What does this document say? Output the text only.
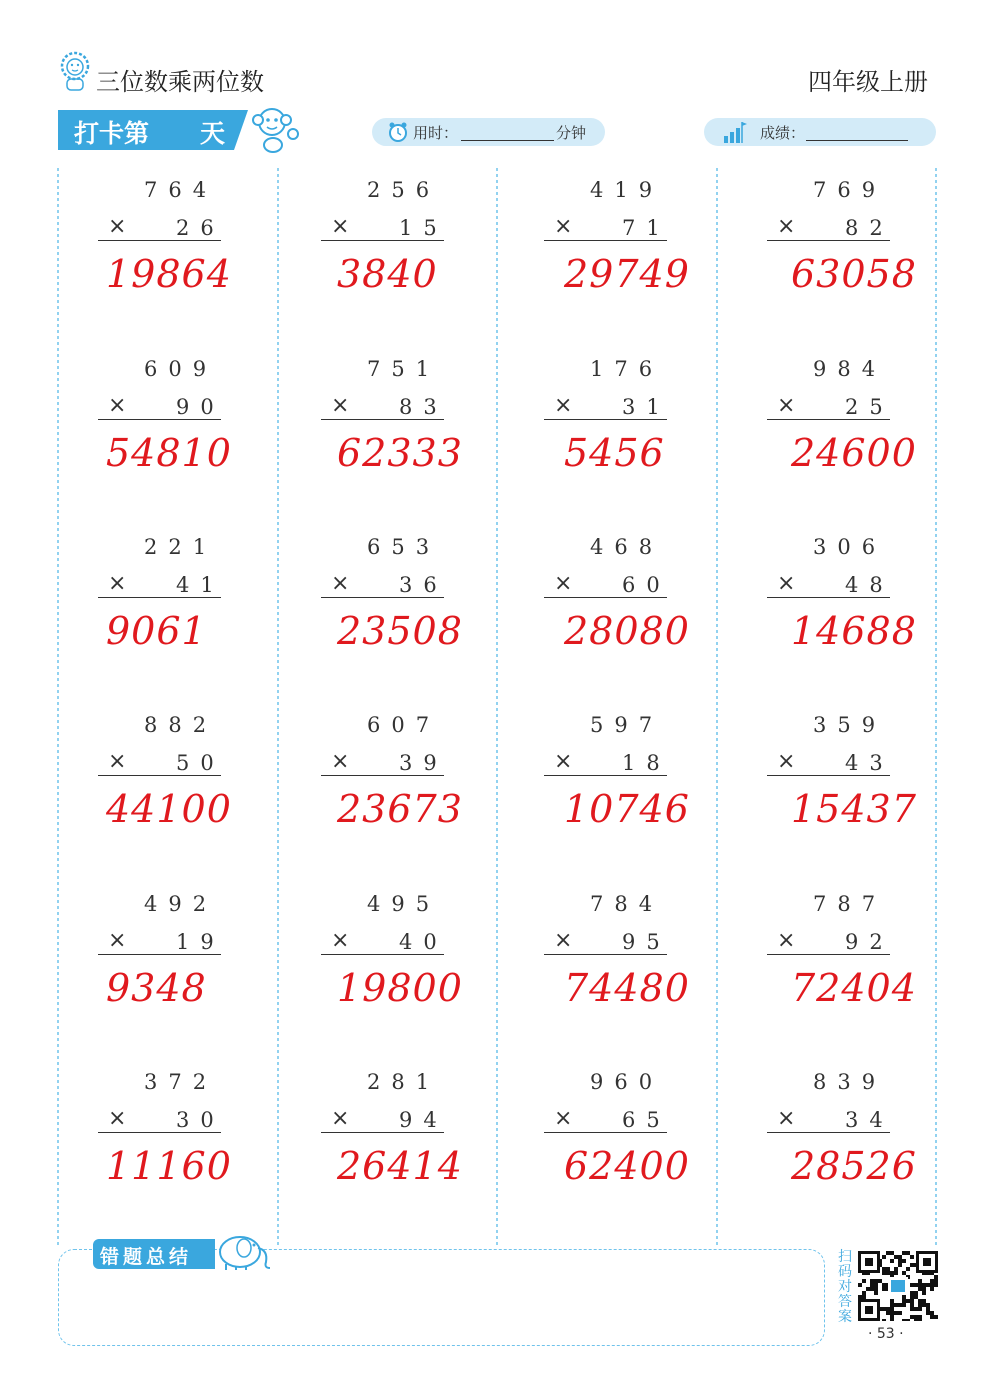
三位数乘两位数	四年级上册
打卡第 天	用时：	分钟	成绩：
764
× 26
19864
609
× 90
54810
221
× 41
9061
882
× 50
44100
492
× 19
9348
372
× 30
11160
256
× 15
3840
751
× 83
62333
653
× 36
23508
607
× 39
23673
495
× 40
19800
281
× 94
26414
419
× 71
29749
176
× 31
5456
468
× 60
28080
597
× 18
10746
784
× 95
74480
960
× 65
62400
769
× 82
63058
984
× 25
24600
306
× 48
14688
359
× 43
15437
787
× 92
72404
839
× 34
28526
错题总结	扫码对答案
· 53 ·
